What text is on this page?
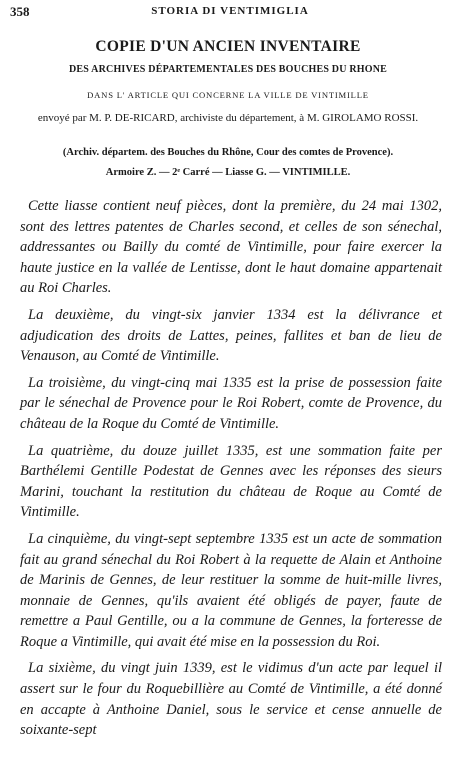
358	STORIA DI VENTIMIGLIA
COPIE D'UN ANCIEN INVENTAIRE
DES ARCHIVES DÉPARTEMENTALES DES BOUCHES DU RHONE
DANS L' ARTICLE QUI CONCERNE LA VILLE DE VINTIMILLE
envoyé par M. P. DE-RICARD, archiviste du département, à M. GIROLAMO ROSSI.
(Archiv. départem. des Bouches du Rhône, Cour des comtes de Provence).
Armoire Z. — 2ᵉ Carré — Liasse G. — VINTIMILLE.

Cette liasse contient neuf pièces, dont la première, du 24 mai 1302, sont des lettres patentes de Charles second, et celles de son sénechal, addressantes ou Bailly du comté de Vintimille, pour faire exercer la haute justice en la vallée de Lentisse, dont le haut domaine appartenait au Roi Charles.

La deuxième, du vingt-six janvier 1334 est la délivrance et adjudication des droits de Lattes, peines, fallites et ban de lieu de Venauson, au Comté de Vintimille.

La troisième, du vingt-cinq mai 1335 est la prise de possession faite par le sénechal de Provence pour le Roi Robert, comte de Provence, du château de la Roque du Comté de Vintimille.

La quatrième, du douze juillet 1335, est une sommation faite per Barthélemi Gentille Podestat de Gennes avec les réponses des sieurs Marini, touchant la restitution du château de Roque au Comté de Vintimille.

La cinquième, du vingt-sept septembre 1335 est un acte de sommation fait au grand sénechal du Roi Robert à la requette de Alain et Anthoine de Marinis de Gennes, de leur restituer la somme de huit-mille livres, monnaie de Gennes, qu'ils avaient été obligés de payer, faute de remettre a Paul Gentille, ou a la commune de Gennes, la forteresse de Roque a Vintimille, qui avait été mise en la possession du Roi.

La sixième, du vingt juin 1339, est le vidimus d'un acte par lequel il assert sur le four du Roquebillière au Comté de Vintimille, a été donné en accapte à Anthoine Daniel, sous le service et cense annuelle de soixante-sept
